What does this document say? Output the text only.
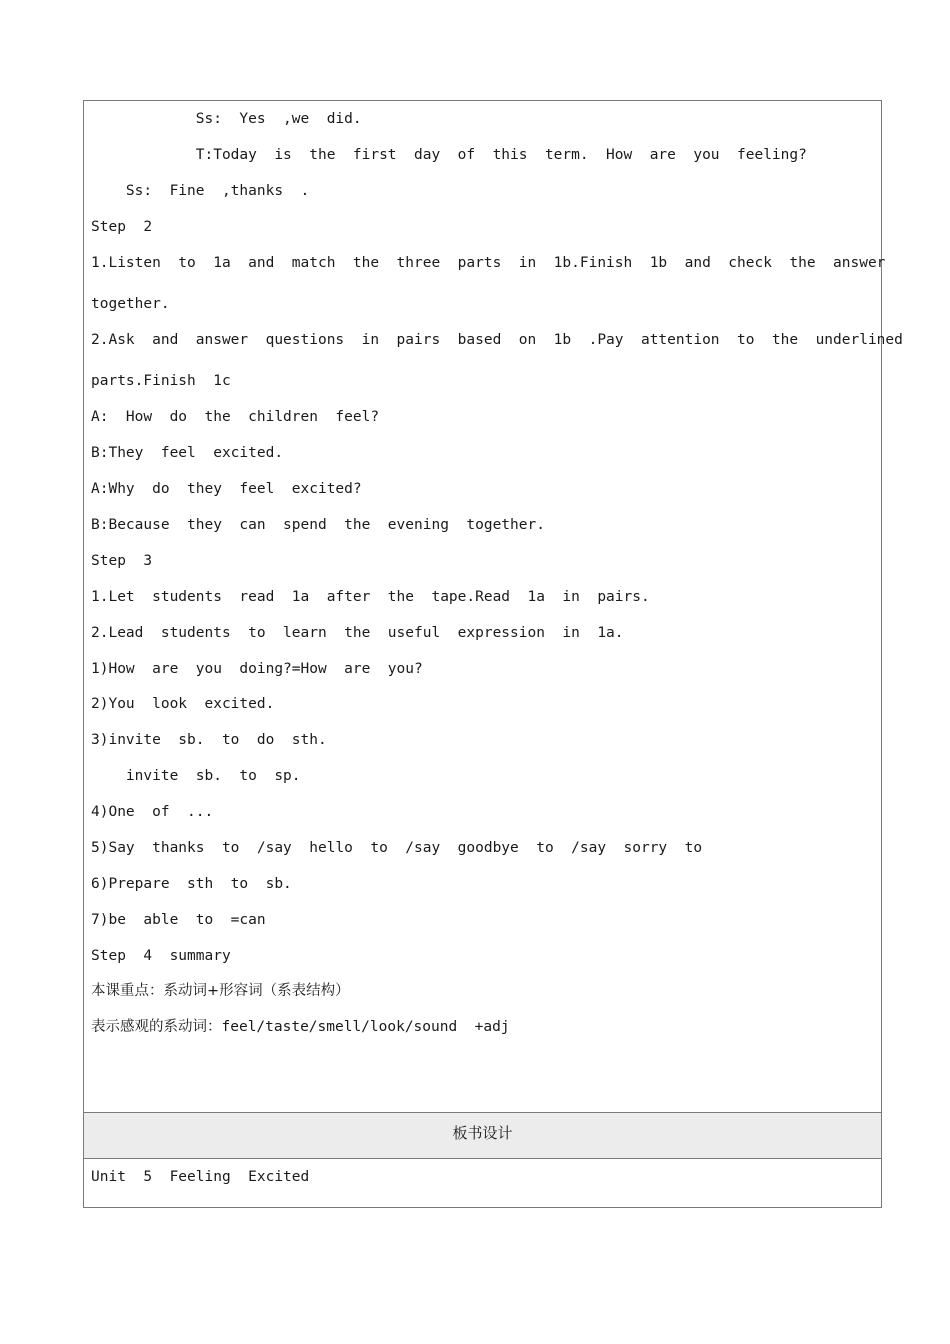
Ss:  Yes  ,we  did.
T:Today  is  the  first  day  of  this  term.  How  are  you  feeling?
Ss:  Fine  ,thanks  .
Step  2
1.Listen  to  1a  and  match  the  three  parts  in  1b.Finish  1b  and  check  the  answer
together.
2.Ask  and  answer  questions  in  pairs  based  on  1b  .Pay  attention  to  the  underlined
parts.Finish  1c
A:  How  do  the  children  feel?
B:They  feel  excited.
A:Why  do  they  feel  excited?
B:Because  they  can  spend  the  evening  together.
Step  3
1.Let  students  read  1a  after  the  tape.Read  1a  in  pairs.
2.Lead  students  to  learn  the  useful  expression  in  1a.
1)How  are  you  doing?=How  are  you?
2)You  look  excited.
3)invite  sb.  to  do  sth.
invite  sb.  to  sp.
4)One  of  ...
5)Say  thanks  to  /say  hello  to  /say  goodbye  to  /say  sorry  to
6)Prepare  sth  to  sb.
7)be  able  to  =can
Step  4  summary
本课重点：系动词+形容词（系表结构）
表示感观的系动词：feel/taste/smell/look/sound  +adj
板书设计
Unit  5  Feeling  Excited
